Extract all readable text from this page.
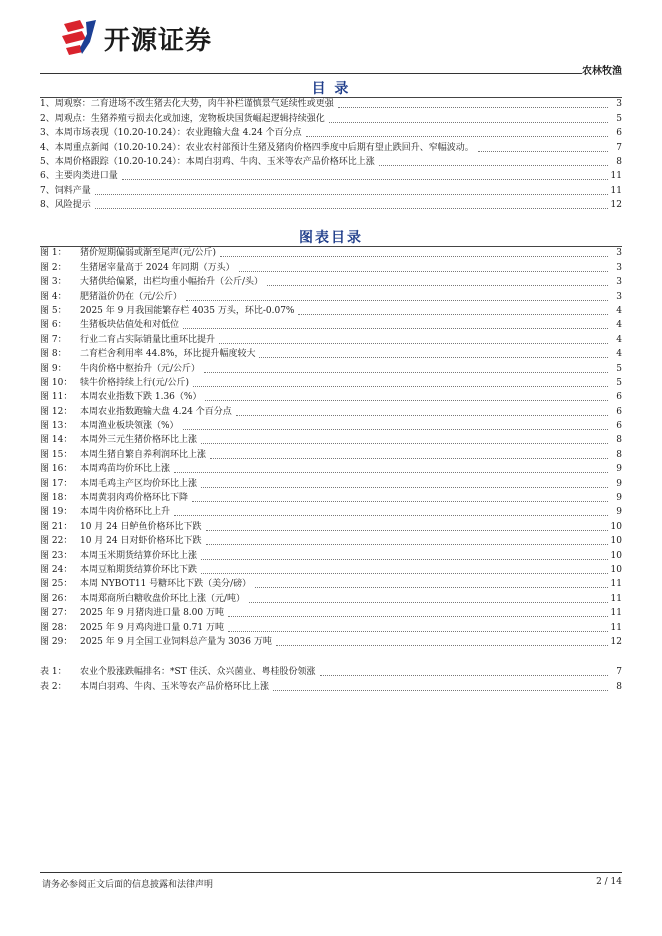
开源证券
农林牧渔
目 录
1、 周观察：二育进场不改生猪去化大势，肉牛补栏谨慎景气延续性或更强	3
2、 周观点：生猪养殖亏损去化或加速，宠物板块国货崛起逻辑持续强化	5
3、 本周市场表现（10.20-10.24）：农业跑输大盘 4.24 个百分点	6
4、 本周重点新闻（10.20-10.24）：农业农村部预计生猪及猪肉价格四季度中后期有望止跌回升、窄幅波动。	7
5、 本周价格跟踪（10.20-10.24）：本周白羽鸡、牛肉、玉米等农产品价格环比上涨	8
6、 主要肉类进口量	11
7、 饲料产量	11
8、 风险提示	12
图表目录
图 1：	猪价短期偏弱或渐至尾声(元/公斤)	3
图 2：	生猪屠宰量高于 2024 年同期（万头）	3
图 3：	大猪供给偏紧，出栏均重小幅抬升（公斤/头）	3
图 4：	肥猪溢价仍在（元/公斤）	3
图 5：	2025 年 9 月我国能繁存栏 4035 万头，环比-0.07%	4
图 6：	生猪板块估值处和对低位	4
图 7：	行业二育占实际销量比重环比提升	4
图 8：	二育栏舍利用率 44.8%，环比提升幅度较大	4
图 9：	牛肉价格中枢抬升（元/公斤）	5
图 10： 犊牛价格持续上行(元/公斤)	5
图 11： 本周农业指数下跌 1.36（%）	6
图 12： 本周农业指数跑输大盘 4.24 个百分点	6
图 13： 本周渔业板块领涨（%）	6
图 14： 本周外三元生猪价格环比上涨	8
图 15： 本周生猪自繁自养利润环比上涨	8
图 16： 本周鸡苗均价环比上涨	9
图 17： 本周毛鸡主产区均价环比上涨	9
图 18： 本周黄羽肉鸡价格环比下降	9
图 19： 本周牛肉价格环比上升	9
图 21： 10 月 24 日鲈鱼价格环比下跌	10
图 22： 10 月 24 日对虾价格环比下跌	10
图 23： 本周玉米期货结算价环比上涨	10
图 24： 本周豆粕期货结算价环比下跌	10
图 25： 本周 NYBOT11 号糖环比下跌（美分/磅）	11
图 26： 本周郑商所白糖收盘价环比上涨（元/吨）	11
图 27： 2025 年 9 月猪肉进口量 8.00 万吨	11
图 28： 2025 年 9 月鸡肉进口量 0.71 万吨	11
图 29： 2025 年 9 月全国工业饲料总产量为 3036 万吨	12
表 1：	农业个股涨跌幅排名：*ST 佳沃、众兴菌业、粤桂股份领涨	7
表 2：	本周白羽鸡、牛肉、玉米等农产品价格环比上涨	8
请务必参阅正文后面的信息披露和法律声明	2 / 14
